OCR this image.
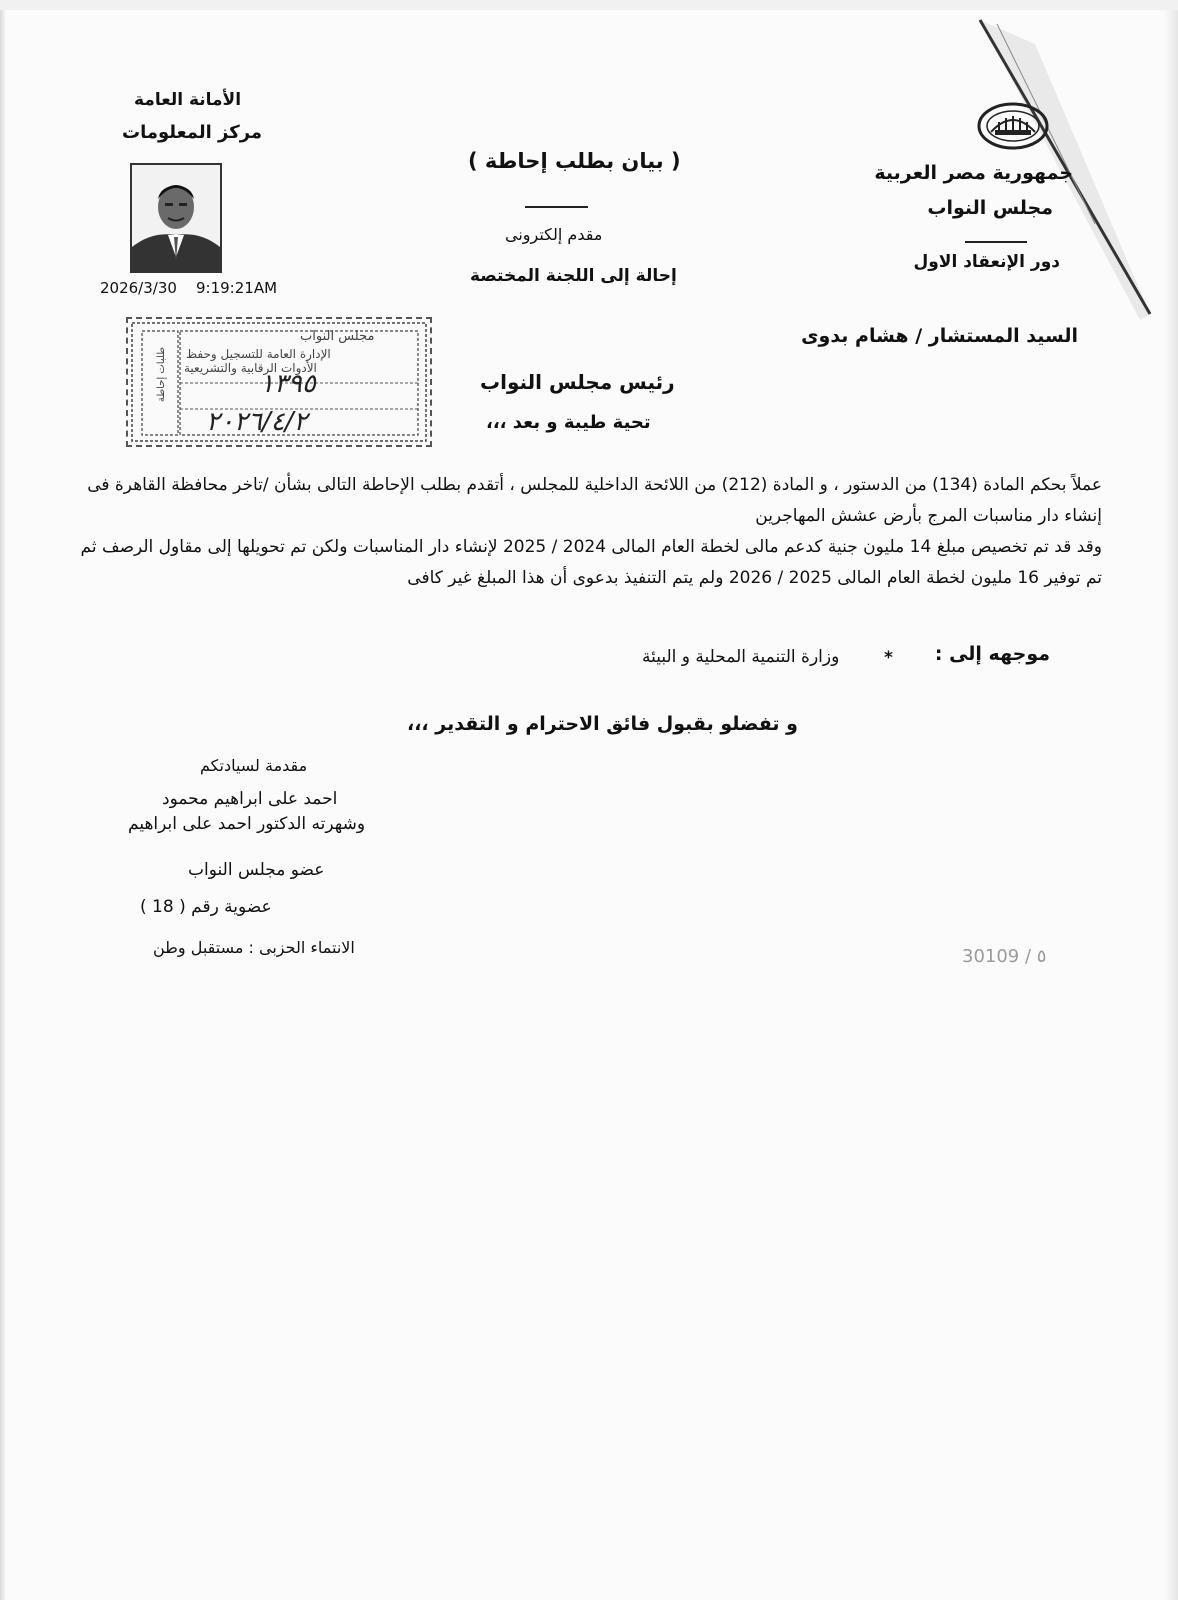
جمهورية مصر العربية
مجلس النواب
دور الإنعقاد الاول
( بيان بطلب إحاطة )
مقدم إلكترونى
إحالة إلى اللجنة المختصة
الأمانة العامة
مركز المعلومات
2026/3/30 9:19:21AM
مجلس النواب
الإدارة العامة للتسجيل وحفظ
الأدوات الرقابية والتشريعية
١٣٩٥
٢٠٢٦/٤/٢
طلبات إحاطة
السيد المستشار / هشام بدوى
رئيس مجلس النواب
تحية طيبة و بعد ،،،
عملاً بحكم المادة (134) من الدستور ، و المادة (212) من اللائحة الداخلية للمجلس ، أتقدم بطلب الإحاطة التالى بشأن /تاخر محافظة القاهرة فى إنشاء دار مناسبات المرج بأرض عشش المهاجرين
وقد قد تم تخصيص مبلغ 14 مليون جنية كدعم مالى لخطة العام المالى 2024 / 2025 لإنشاء دار المناسبات ولكن تم تحويلها إلى مقاول الرصف ثم تم توفير 16 مليون لخطة العام المالى 2025 / 2026 ولم يتم التنفيذ بدعوى أن هذا المبلغ غير كافى
موجهه إلى :
*
وزارة التنمية المحلية و البيئة
و تفضلو بقبول فائق الاحترام و التقدير ،،،
مقدمة لسيادتكم
احمد على ابراهيم محمود
وشهرته الدكتور احمد على ابراهيم
عضو مجلس النواب
عضوية رقم ( 18 )
الانتماء الحزبى : مستقبل وطن	30109 / ٥
